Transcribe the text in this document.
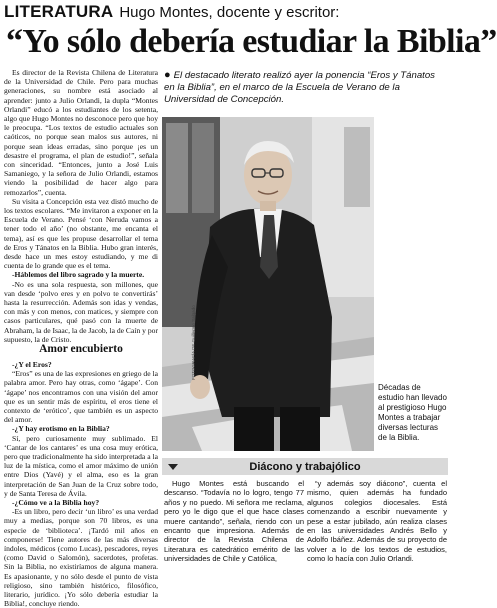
LITERATURA Hugo Montes, docente y escritor:
“Yo sólo debería estudiar la Biblia”

Es director de la Revista Chilena de Literatura de la Universidad de Chile. Pero para muchas generaciones, su nombre está asociado al aprender: junto a Julio Orlandi, la dupla “Montes Orlandi” educó a los estudiantes de los setenta, algo que Hugo Montes no desconoce pero que hoy le preocupa. “Los textos de estudio actuales son caóticos, no porque sean malos sus autores, ni porque sean ideas erradas, sino porque ¡es un desastre el programa, el plan de estudio!”, señala con sinceridad. “Entonces, junto a José Luis Samaniego, y la señora de Julio Orlandi, estamos viendo la posibilidad de hacer algo para remozarlos”, cuenta.

Su visita a Concepción esta vez distó mucho de los textos escolares. “Me invitaron a exponer en la Escuela de Verano. Pensé ‘con Neruda vamos a tener todo el año’ (no obstante, me encanta el tema), así es que les propuse desarrollar el tema de Eros y Tánatos en la Biblia. Hubo gran interés, desde hace un mes estoy estudiando, y me di cuenta de lo grande que es el tema.

-Háblemos del libro sagrado y la muerte.

-No es una sola respuesta, son millones, que van desde ‘polvo eres y en polvo te convertirás’ hasta la resurrección. Además son idas y vendas, con más y con menos, con matices, y siempre con casos particulares, qué pasó con la muerte de Abraham, la de Isaac, la de Jacob, la de Caín y por supuesto, la de Cristo.

Amor encubierto

-¿Y el Eros?

“Eros” es una de las expresiones en griego de la palabra amor. Pero hay otras, como ‘ágape’. Con ‘ágape’ nos encontramos con una visión del amor que es un sentir más de espíritu, el eros tiene el contexto de ‘erótico’, que también es un aspecto del amor.

-¿Y hay erotismo en la Biblia?

Sí, pero curiosamente muy sublimado. El ‘Cantar de los cantares’ es una cosa muy erótica, pero que tradicionalmente ha sido interpretada a la luz de la mística, como el amor máximo de unión entre Dios (Yavé) y el alma, eso es la gran interpretación de San Juan de la Cruz sobre todo, y de Santa Teresa de Ávila.

-¿Cómo ve a la Biblia hoy?

-Es un libro, pero decir ‘un libro’ es una verdad muy a medias, porque son 70 libros, es una especie de ‘biblioteca’. ¡Tardó mil años en componerse! Tiene autores de las más diversas índoles, médicos (como Lucas), pescadores, reyes (como David o Salomón), sacerdotes, profetas. Sin la Biblia, no existiríamos de alguna manera. Es apasionante, y no sólo desde el punto de vista religioso, sino también histórico, filosófico, literario, jurídico. ¡Yo sólo debería estudiar la Biblia!, concluye riendo.

● El destacado literato realizó ayer la ponencia “Eros y Tánatos en la Biblia”, en el marco de la Escuela de Verano de la Universidad de Concepción.
FOTOGRAFÍA DE Guillermo Salgado
Décadas de estudio han llevado al prestigioso Hugo Montes a trabajar diversas lecturas de la Biblia.
Diácono y trabajólico

Hugo Montes está buscando el descanso. “Todavía no lo logro, tengo 77 años y no puedo. Mi señora me reclama, pero yo le digo que el que hace clases muere cantando”, señala, riendo con un encanto que impresiona. Además de director de la Revista Chilena de Literatura es catedrático emérito de las universidades de Chile y Católica,

“y además soy diácono”, cuenta el mismo, quien además ha fundado algunos colegios diocesales. Está comenzando a escribir nuevamente y pese a estar jubilado, aún realiza clases en las universidades Andrés Bello y Adolfo Ibáñez. Además de su proyecto de volver a lo de los textos de estudios, como lo hacía con Julio Orlandi.
